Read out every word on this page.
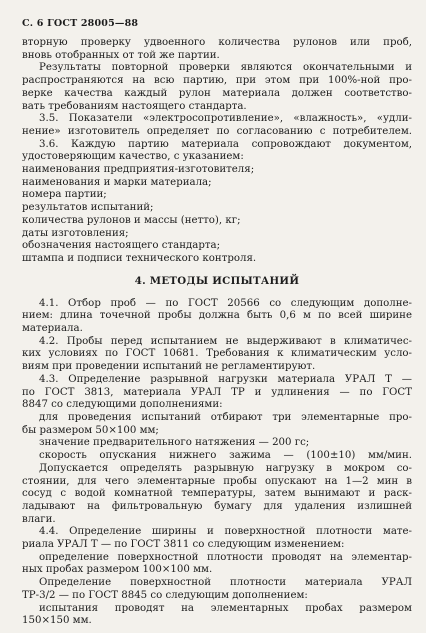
С. 6 ГОСТ 28005—88
вторную проверку удвоенного количества рулонов или проб,
вновь отобранных от той же партии.
Результаты повторной проверки являются окончательными и
распространяются на всю партию, при этом при 100%-ной про-
верке качества каждый рулон материала должен соответство-
вать требованиям настоящего стандарта.
3.5. Показатели «электросопротивление», «влажность», «удли-
нение» изготовитель определяет по согласованию с потребителем.
3.6. Каждую партию материала сопровождают документом,
удостоверяющим качество, с указанием:
наименования предприятия-изготовителя;
наименования и марки материала;
номера партии;
результатов испытаний;
количества рулонов и массы (нетто), кг;
даты изготовления;
обозначения настоящего стандарта;
штампа и подписи технического контроля.
4. МЕТОДЫ ИСПЫТАНИЙ
4.1. Отбор проб — по ГОСТ 20566 со следующим дополне-
нием: длина точечной пробы должна быть 0,6 м по всей ширине
материала.
4.2. Пробы перед испытанием не выдерживают в климатичес-
ких условиях по ГОСТ 10681. Требования к климатическим усло-
виям при проведении испытаний не регламентируют.
4.3. Определение разрывной нагрузки материала УРАЛ Т —
по ГОСТ 3813, материала УРАЛ ТР и удлинения — по ГОСТ
8847 со следующими дополнениями:
для проведения испытаний отбирают три элементарные про-
бы размером 50×100 мм;
значение предварительного натяжения — 200 гс;
скорость опускания нижнего зажима — (100±10) мм/мин.
Допускается определять разрывную нагрузку в мокром со-
стоянии, для чего элементарные пробы опускают на 1—2 мин в
сосуд с водой комнатной температуры, затем вынимают и раск-
ладывают на фильтровальную бумагу для удаления излишней
влаги.
4.4. Определение ширины и поверхностной плотности мате-
риала УРАЛ Т — по ГОСТ 3811 со следующим изменением:
определение поверхностной плотности проводят на элементар-
ных пробах размером 100×100 мм.
Определение поверхностной плотности материала УРАЛ
ТР-3/2 — по ГОСТ 8845 со следующим дополнением:
испытания проводят на элементарных пробах размером
150×150 мм.
